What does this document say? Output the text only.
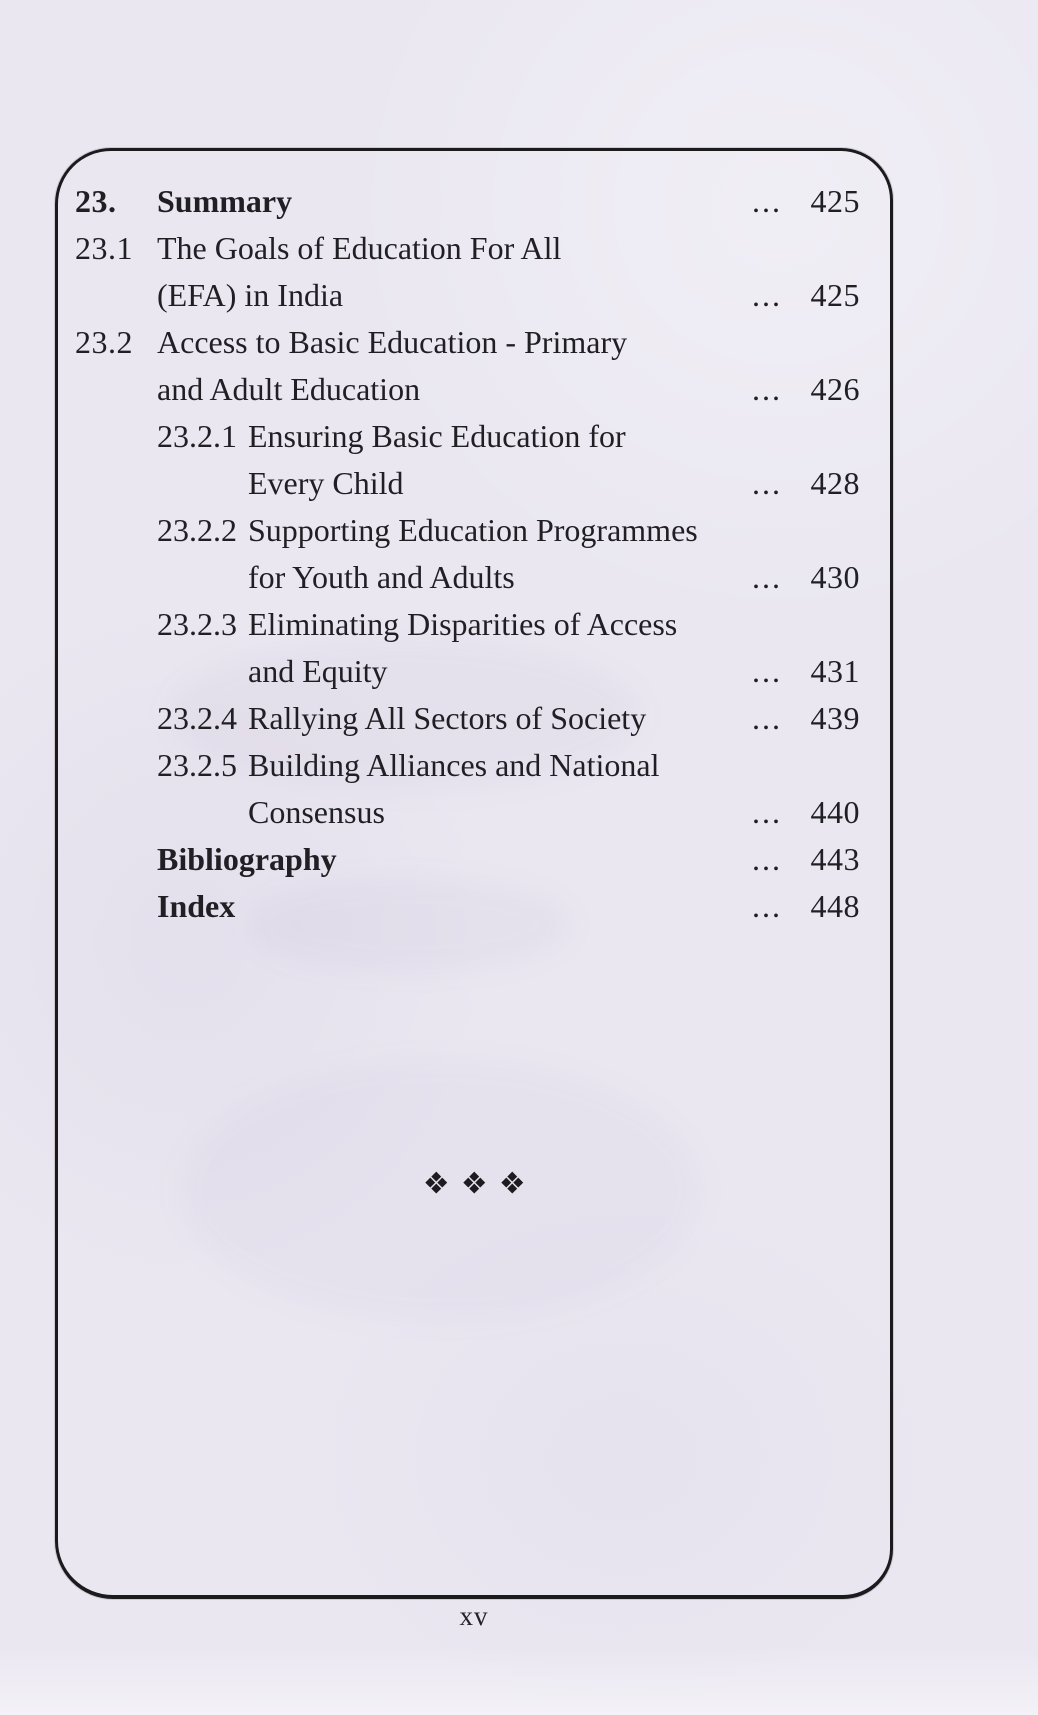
23.	Summary	... 425
23.1 The Goals of Education For All
(EFA) in India	... 425
23.2 Access to Basic Education - Primary
and Adult Education	... 426
23.2.1 Ensuring Basic Education for
Every Child	... 428
23.2.2 Supporting Education Programmes
for Youth and Adults	... 430
23.2.3 Eliminating Disparities of Access
and Equity	... 431
23.2.4 Rallying All Sectors of Society	... 439
23.2.5 Building Alliances and National
Consensus	... 440
Bibliography	... 443
Index	... 448
xv
